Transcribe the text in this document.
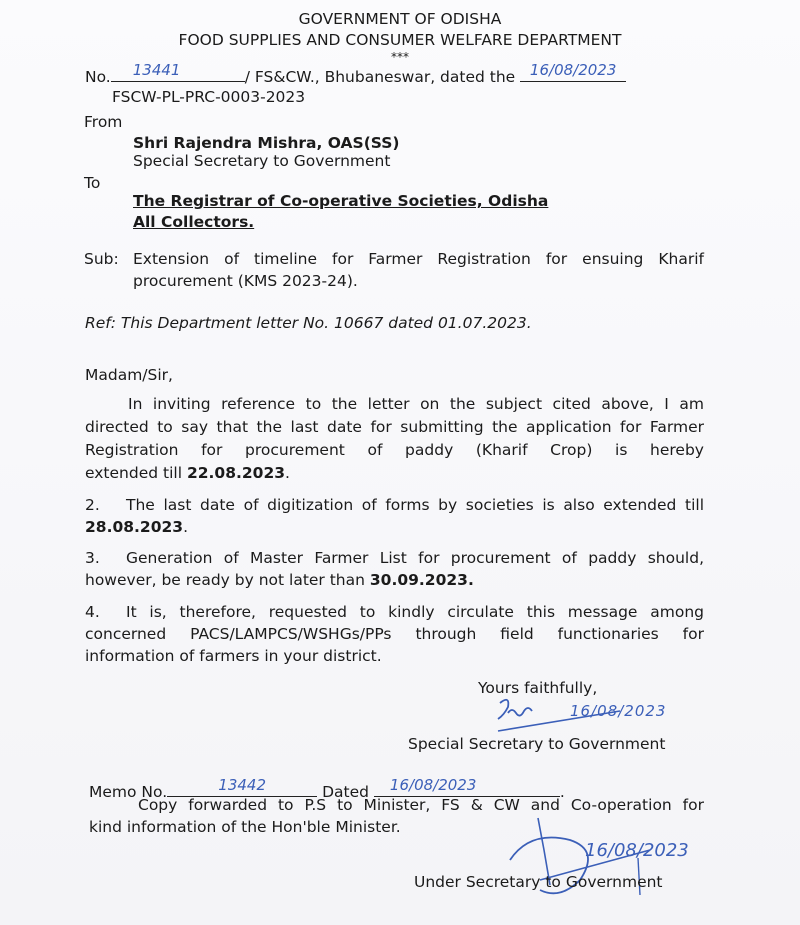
GOVERNMENT OF ODISHA
FOOD SUPPLIES AND CONSUMER WELFARE DEPARTMENT
***
No. 13441	/ FS&CW., Bhubaneswar, dated the 16/08/2023
FSCW-PL-PRC-0003-2023
From
Shri Rajendra Mishra, OAS(SS)
Special Secretary to Government
To
The Registrar of Co-operative Societies, Odisha
All Collectors.
Sub: Extension of timeline for Farmer Registration for ensuing Kharif
procurement (KMS 2023-24).
Ref: This Department letter No. 10667 dated 01.07.2023.
Madam/Sir,
In inviting reference to the letter on the subject cited above, I am
directed to say that the last date for submitting the application for Farmer
Registration for procurement of paddy (Kharif Crop) is hereby
extended till 22.08.2023.
2. The last date of digitization of forms by societies is also extended till
28.08.2023.
3. Generation of Master Farmer List for procurement of paddy should,
however, be ready by not later than 30.09.2023.
4. It is, therefore, requested to kindly circulate this message among
concerned PACS/LAMPCS/WSHGs/PPs through field functionaries for
information of farmers in your district.
Yours faithfully,
16/08/2023
Special Secretary to Government
Memo No.	13442	Dated 16/08/2023	.
Copy forwarded to P.S to Minister, FS & CW and Co-operation for
kind information of the Hon'ble Minister.
16/08/2023
Under Secretary to Government
